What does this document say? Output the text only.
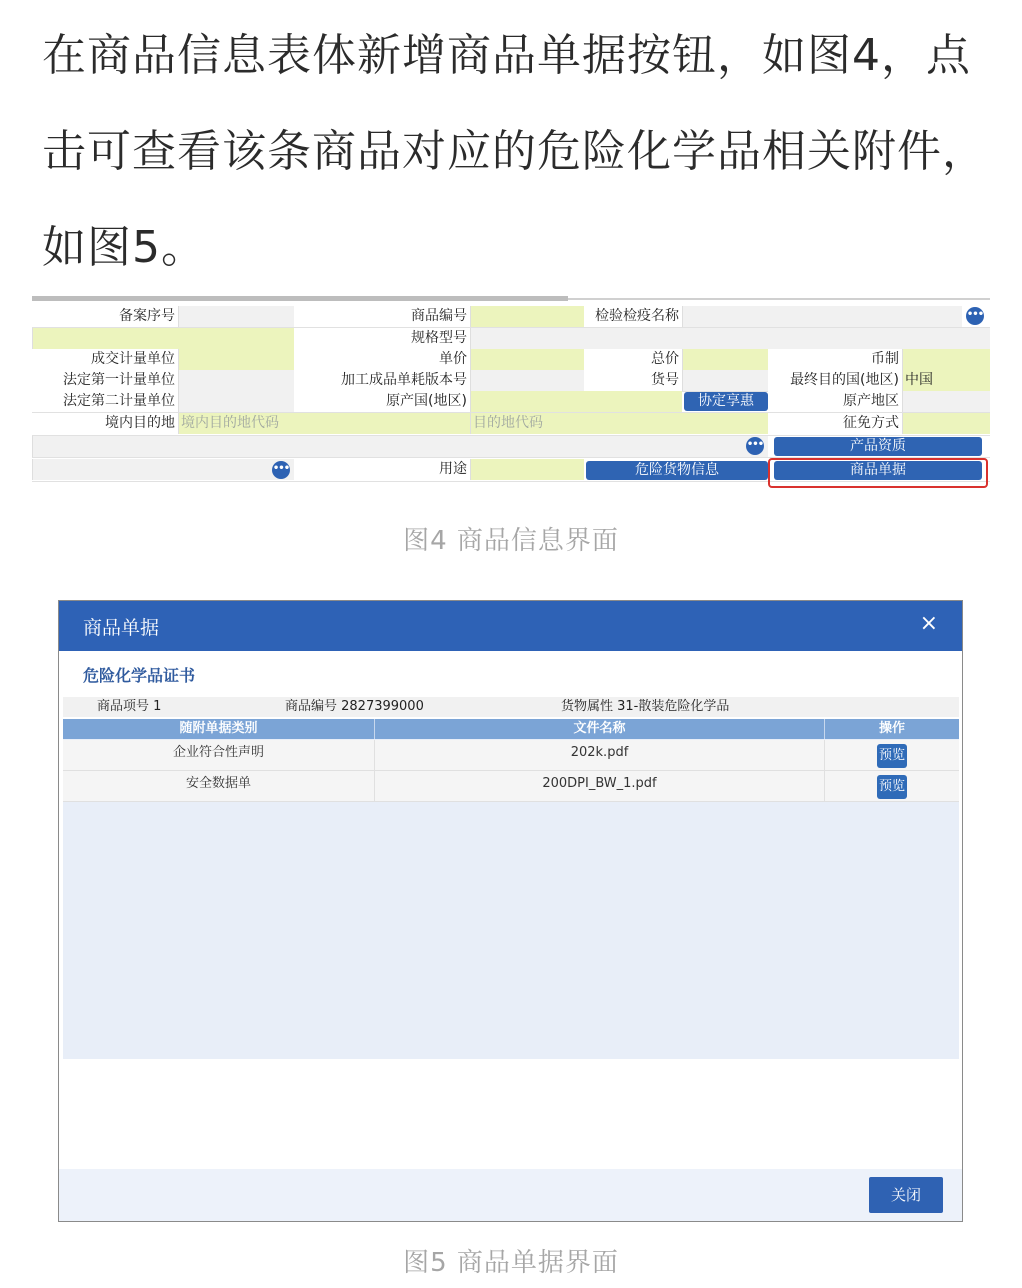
在商品信息表体新增商品单据按钮，如图4，点击可查看该条商品对应的危险化学品相关附件，如图5。
备案序号	商品编号	检验检疫名称	•••
规格型号
成交计量单位	单价	总价	币制
法定第一计量单位	加工成品单耗版本号	货号	最终目的国(地区) 中国
法定第二计量单位	原产国(地区)	协定享惠	原产地区
境内目的地 境内目的地代码	目的地代码	征免方式
•••	产品资质
•••	用途	危险货物信息	商品单据
图4 商品信息界面
商品单据	×
危险化学品证书
商品项号 1	商品编号 2827399000	货物属性 31-散装危险化学品
随附单据类别	文件名称	操作
企业符合性声明	202k.pdf	预览
安全数据单	200DPI_BW_1.pdf	预览
关闭
图5 商品单据界面
